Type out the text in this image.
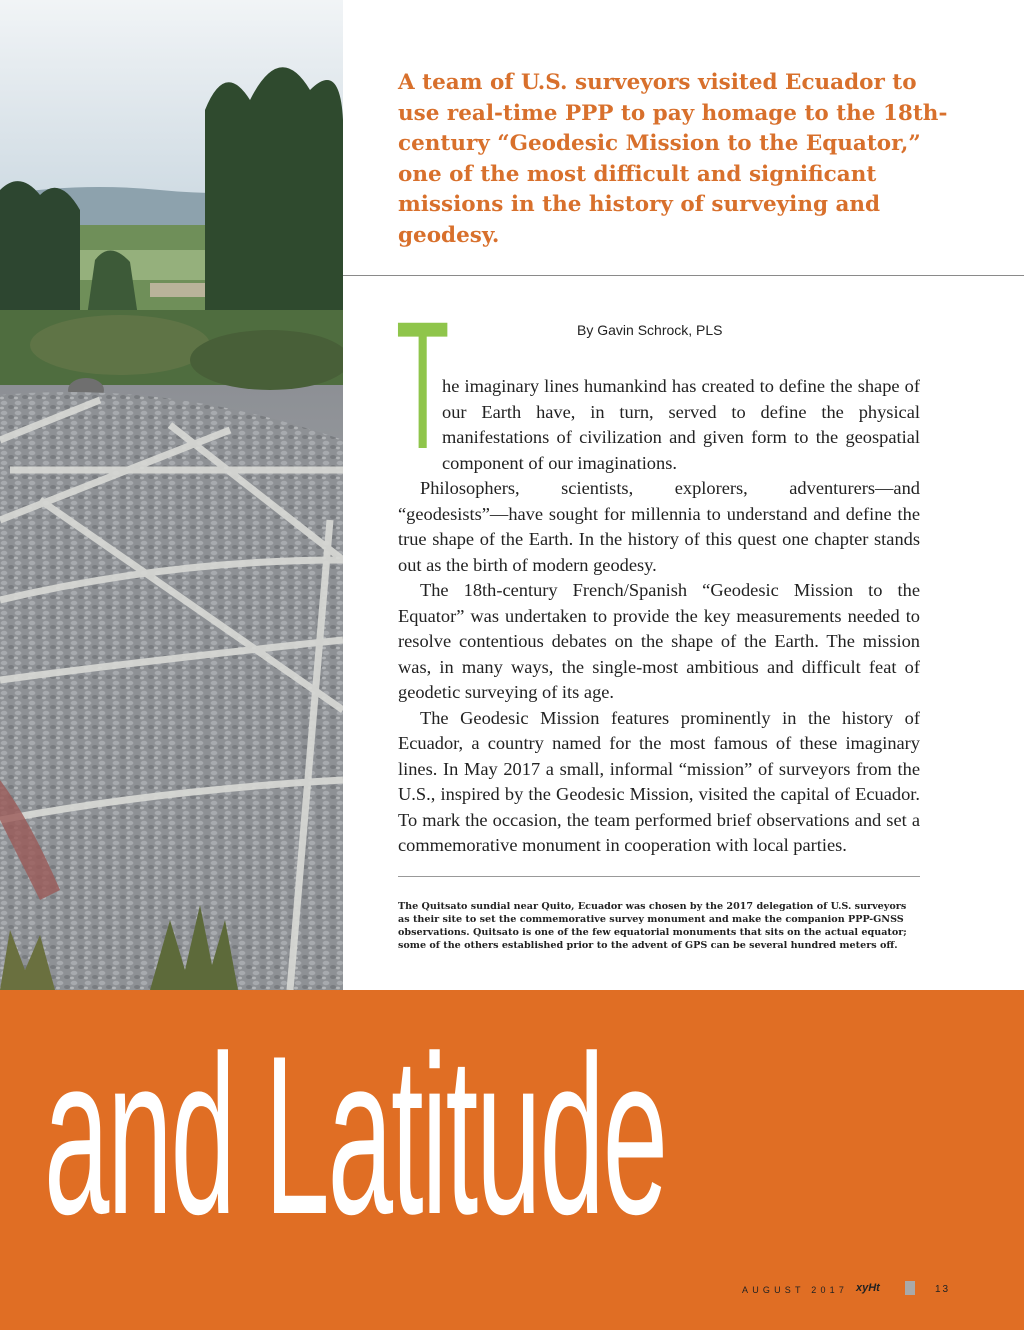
A team of U.S. surveyors visited Ecuador to use real-time PPP to pay homage to the 18th-century “Geodesic Mission to the Equator,” one of the most difficult and significant missions in the history of surveying and geodesy.

By Gavin Schrock, PLS

T

he imaginary lines humankind has created to define the shape of our Earth have, in turn, served to define the physical manifestations of civilization and given form to the geospatial component of our imaginations.

Philosophers, scientists, explorers, adventurers—and “geodesists”—have sought for millennia to understand and define the true shape of the Earth. In the history of this quest one chapter stands out as the birth of modern geodesy.

The 18th-century French/Spanish “Geodesic Mission to the Equator” was undertaken to provide the key measurements needed to resolve contentious debates on the shape of the Earth. The mission was, in many ways, the single-most ambitious and difficult feat of geodetic surveying of its age.

The Geodesic Mission features prominently in the history of Ecuador, a country named for the most famous of these imaginary lines. In May 2017 a small, informal “mission” of surveyors from the U.S., inspired by the Geodesic Mission, visited the capital of Ecuador. To mark the occasion, the team performed brief observations and set a commemorative monument in cooperation with local parties.

The Quitsato sundial near Quito, Ecuador was chosen by the 2017 delegation of U.S. surveyors as their site to set the commemorative survey monument and make the companion PPP-GNSS observations. Quitsato is one of the few equatorial monuments that sits on the actual equator; some of the others established prior to the advent of GPS can be several hundred meters off.

and Latitude
AUGUST 2017 xyHt	13
